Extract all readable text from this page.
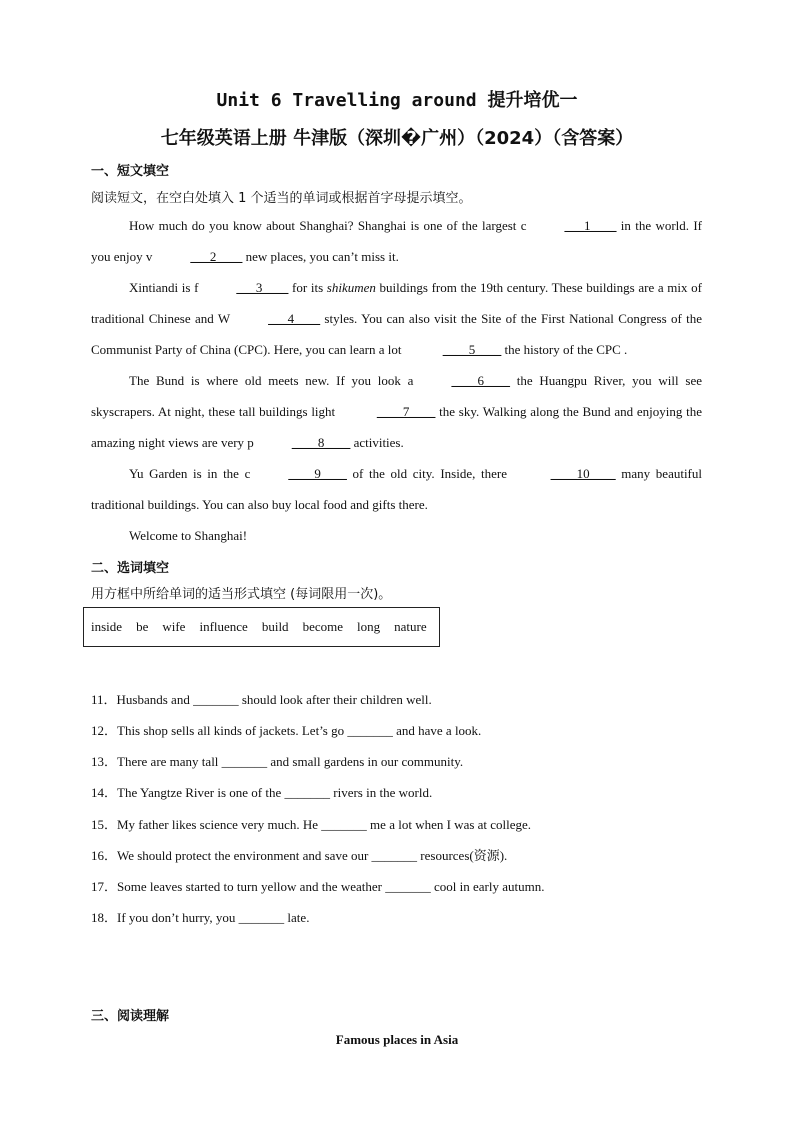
Unit 6 Travelling around 提升培优一
七年级英语上册 牛津版（深圳�广州）（2024）（含答案）
一、短文填空
阅读短文，在空白处填入 1 个适当的单词或根据首字母提示填空。

How much do you know about Shanghai? Shanghai is one of the largest c	___1____ in the world. If you enjoy v	___2____ new places, you can’t miss it.

Xintiandi is f	___3____ for its shikumen buildings from the 19th century. These buildings are a mix of traditional Chinese and W	___4____ styles. You can also visit the Site of the First National Congress of the Communist Party of China (CPC). Here, you can learn a lot	____5____ the history of the CPC .

The Bund is where old meets new. If you look a	____6____ the Huangpu River, you will see skyscrapers. At night, these tall buildings light	____7____ the sky. Walking along the Bund and enjoying the amazing night views are very p	____8____ activities.

Yu Garden is in the c	____9____ of the old city. Inside, there	____10____ many beautiful traditional buildings. You can also buy local food and gifts there.

Welcome to Shanghai!

二、选词填空
用方框中所给单词的适当形式填空 (每词限用一次)。
inside be wife influence build become long nature
11．Husbands and _______ should look after their children well.
12．This shop sells all kinds of jackets. Let’s go _______ and have a look.
13．There are many tall _______ and small gardens in our community.
14．The Yangtze River is one of the _______ rivers in the world.
15．My father likes science very much. He _______ me a lot when I was at college.
16．We should protect the environment and save our _______ resources(资源).
17．Some leaves started to turn yellow and the weather _______ cool in early autumn.
18．If you don’t hurry, you _______ late.
三、阅读理解
Famous places in Asia
